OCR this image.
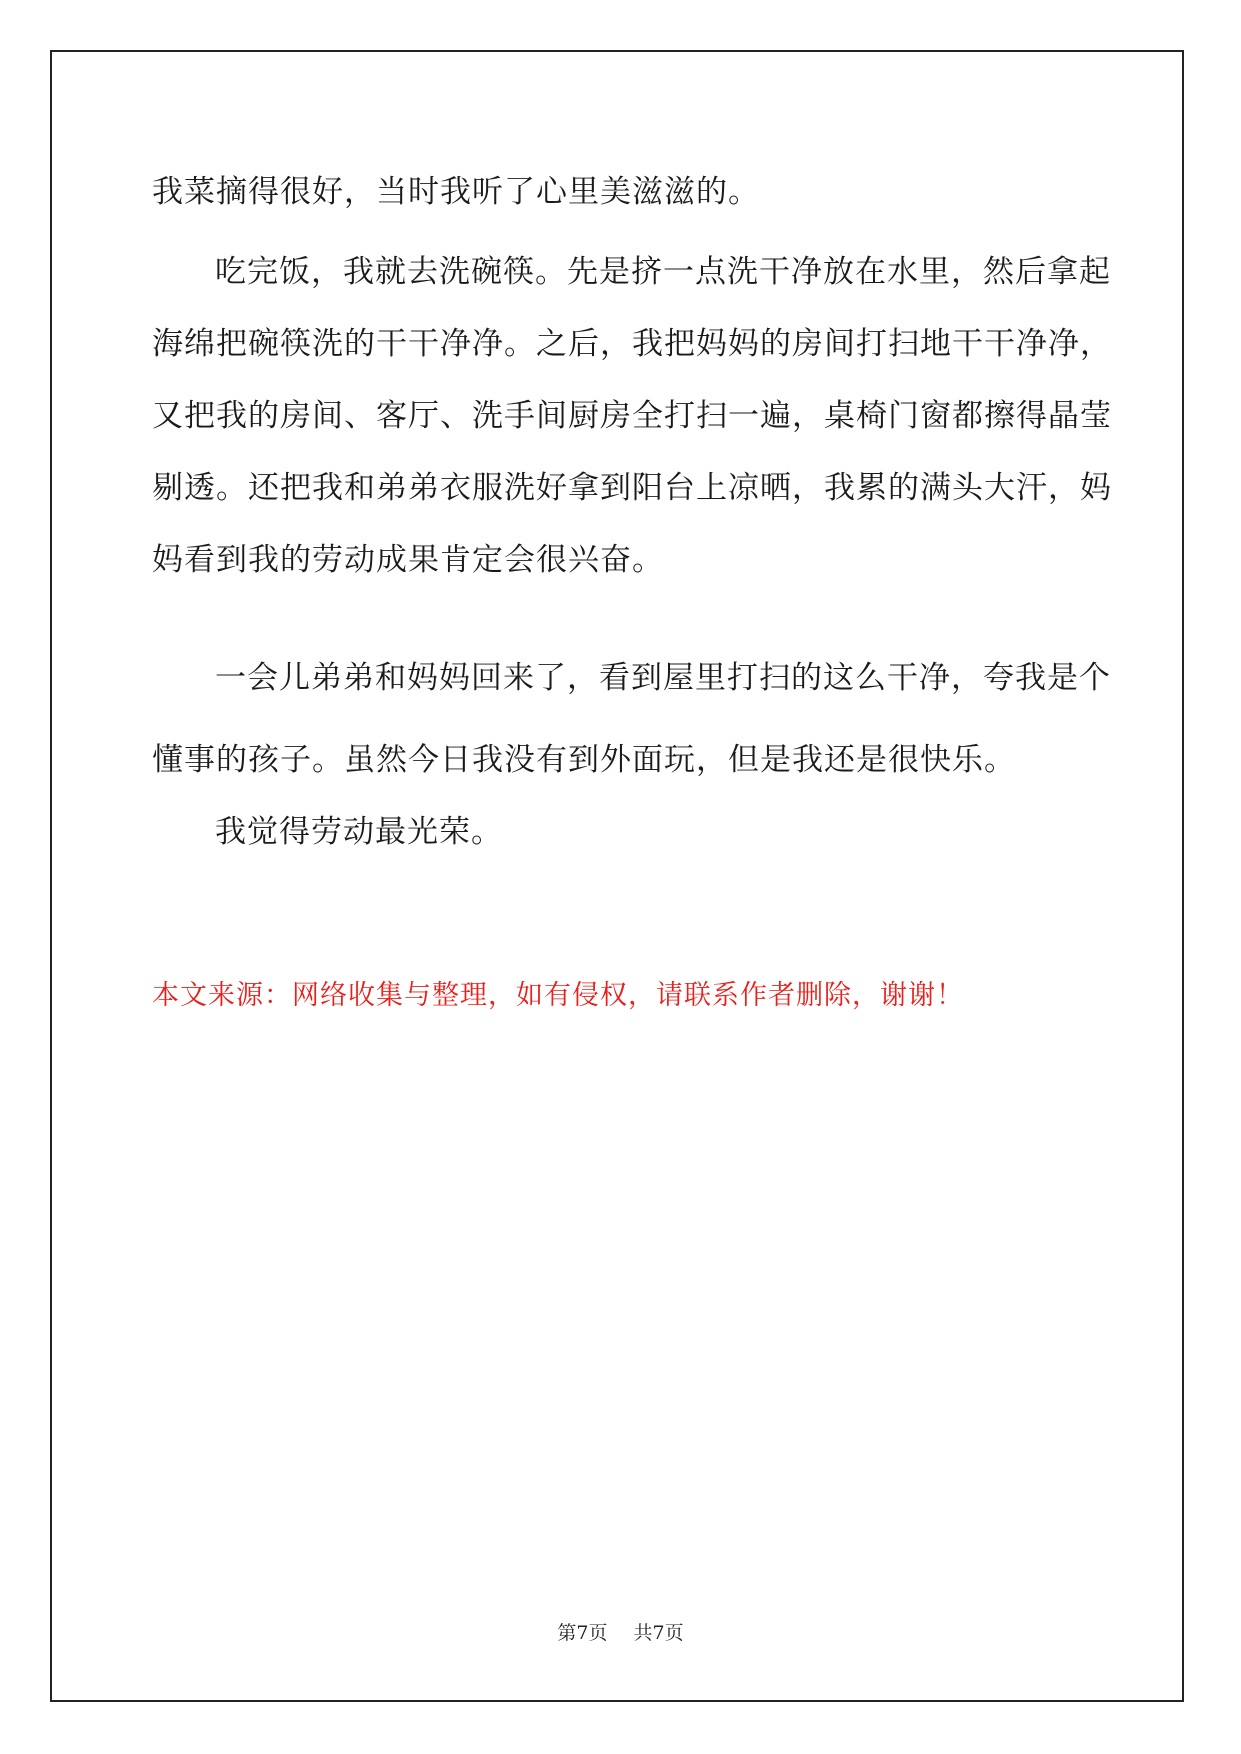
我菜摘得很好，当时我听了心里美滋滋的。
吃完饭，我就去洗碗筷。先是挤一点洗干净放在水里，然后拿起
海绵把碗筷洗的干干净净。之后，我把妈妈的房间打扫地干干净净，
又把我的房间、客厅、洗手间厨房全打扫一遍，桌椅门窗都擦得晶莹
剔透。还把我和弟弟衣服洗好拿到阳台上凉晒，我累的满头大汗，妈
妈看到我的劳动成果肯定会很兴奋。
一会儿弟弟和妈妈回来了，看到屋里打扫的这么干净，夸我是个
懂事的孩子。虽然今日我没有到外面玩，但是我还是很快乐。
我觉得劳动最光荣。
本文来源：网络收集与整理，如有侵权，请联系作者删除，谢谢！
第7页 共7页
